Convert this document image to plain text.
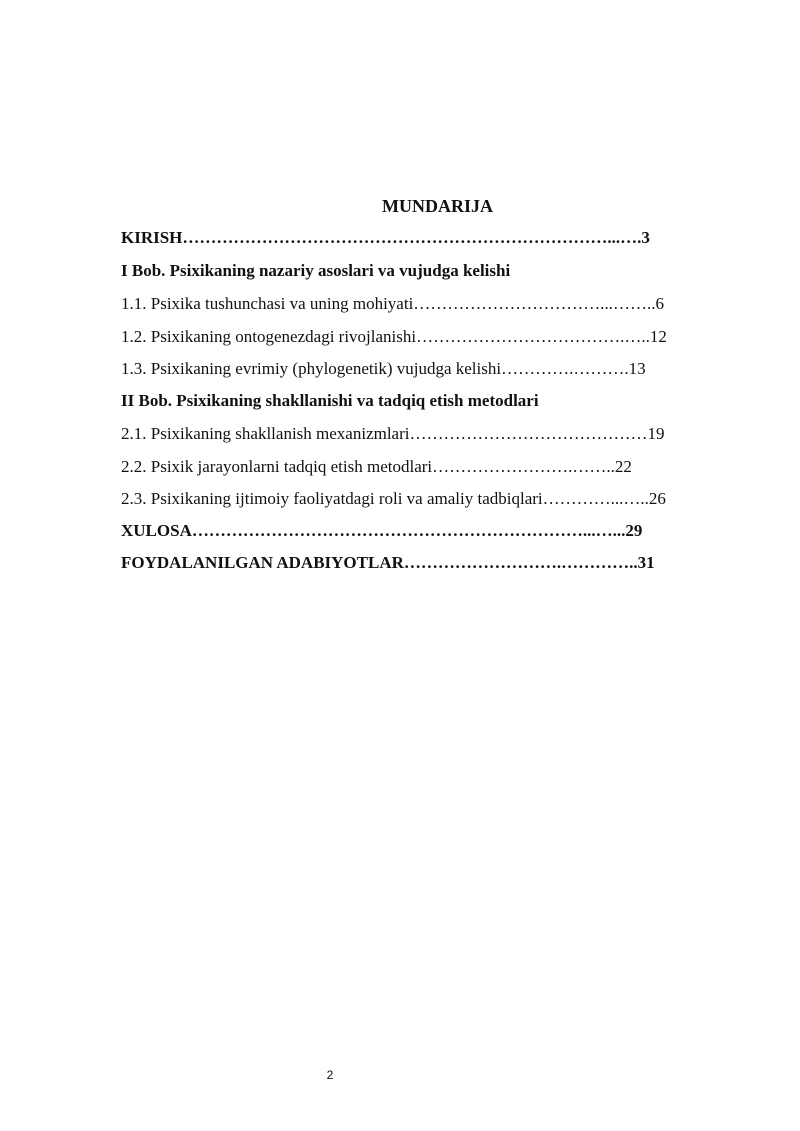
MUNDARIJA
KIRISH…………………………………………………………………...….3
I Bob. Psixikaning nazariy asoslari va vujudga kelishi
1.1. Psixika tushunchasi va uning mohiyati……………………………...……..6
1.2. Psixikaning ontogenezdagi rivojlanishi……………………………….…..12
1.3. Psixikaning evrimiy (phylogenetik) vujudga kelishi………….……….13
II Bob. Psixikaning shakllanishi va tadqiq etish metodlari
2.1. Psixikaning shakllanish mexanizmlari……………………………………19
2.2. Psixik jarayonlarni tadqiq etish metodlari…………………….……..22
2.3. Psixikaning ijtimoiy faoliyatdagi roli va amaliy tadbiqlari…………...…..26
XULOSA……………………………………………………………...…...29
FOYDALANILGAN ADABIYOTLAR……………………….…………..31
2
